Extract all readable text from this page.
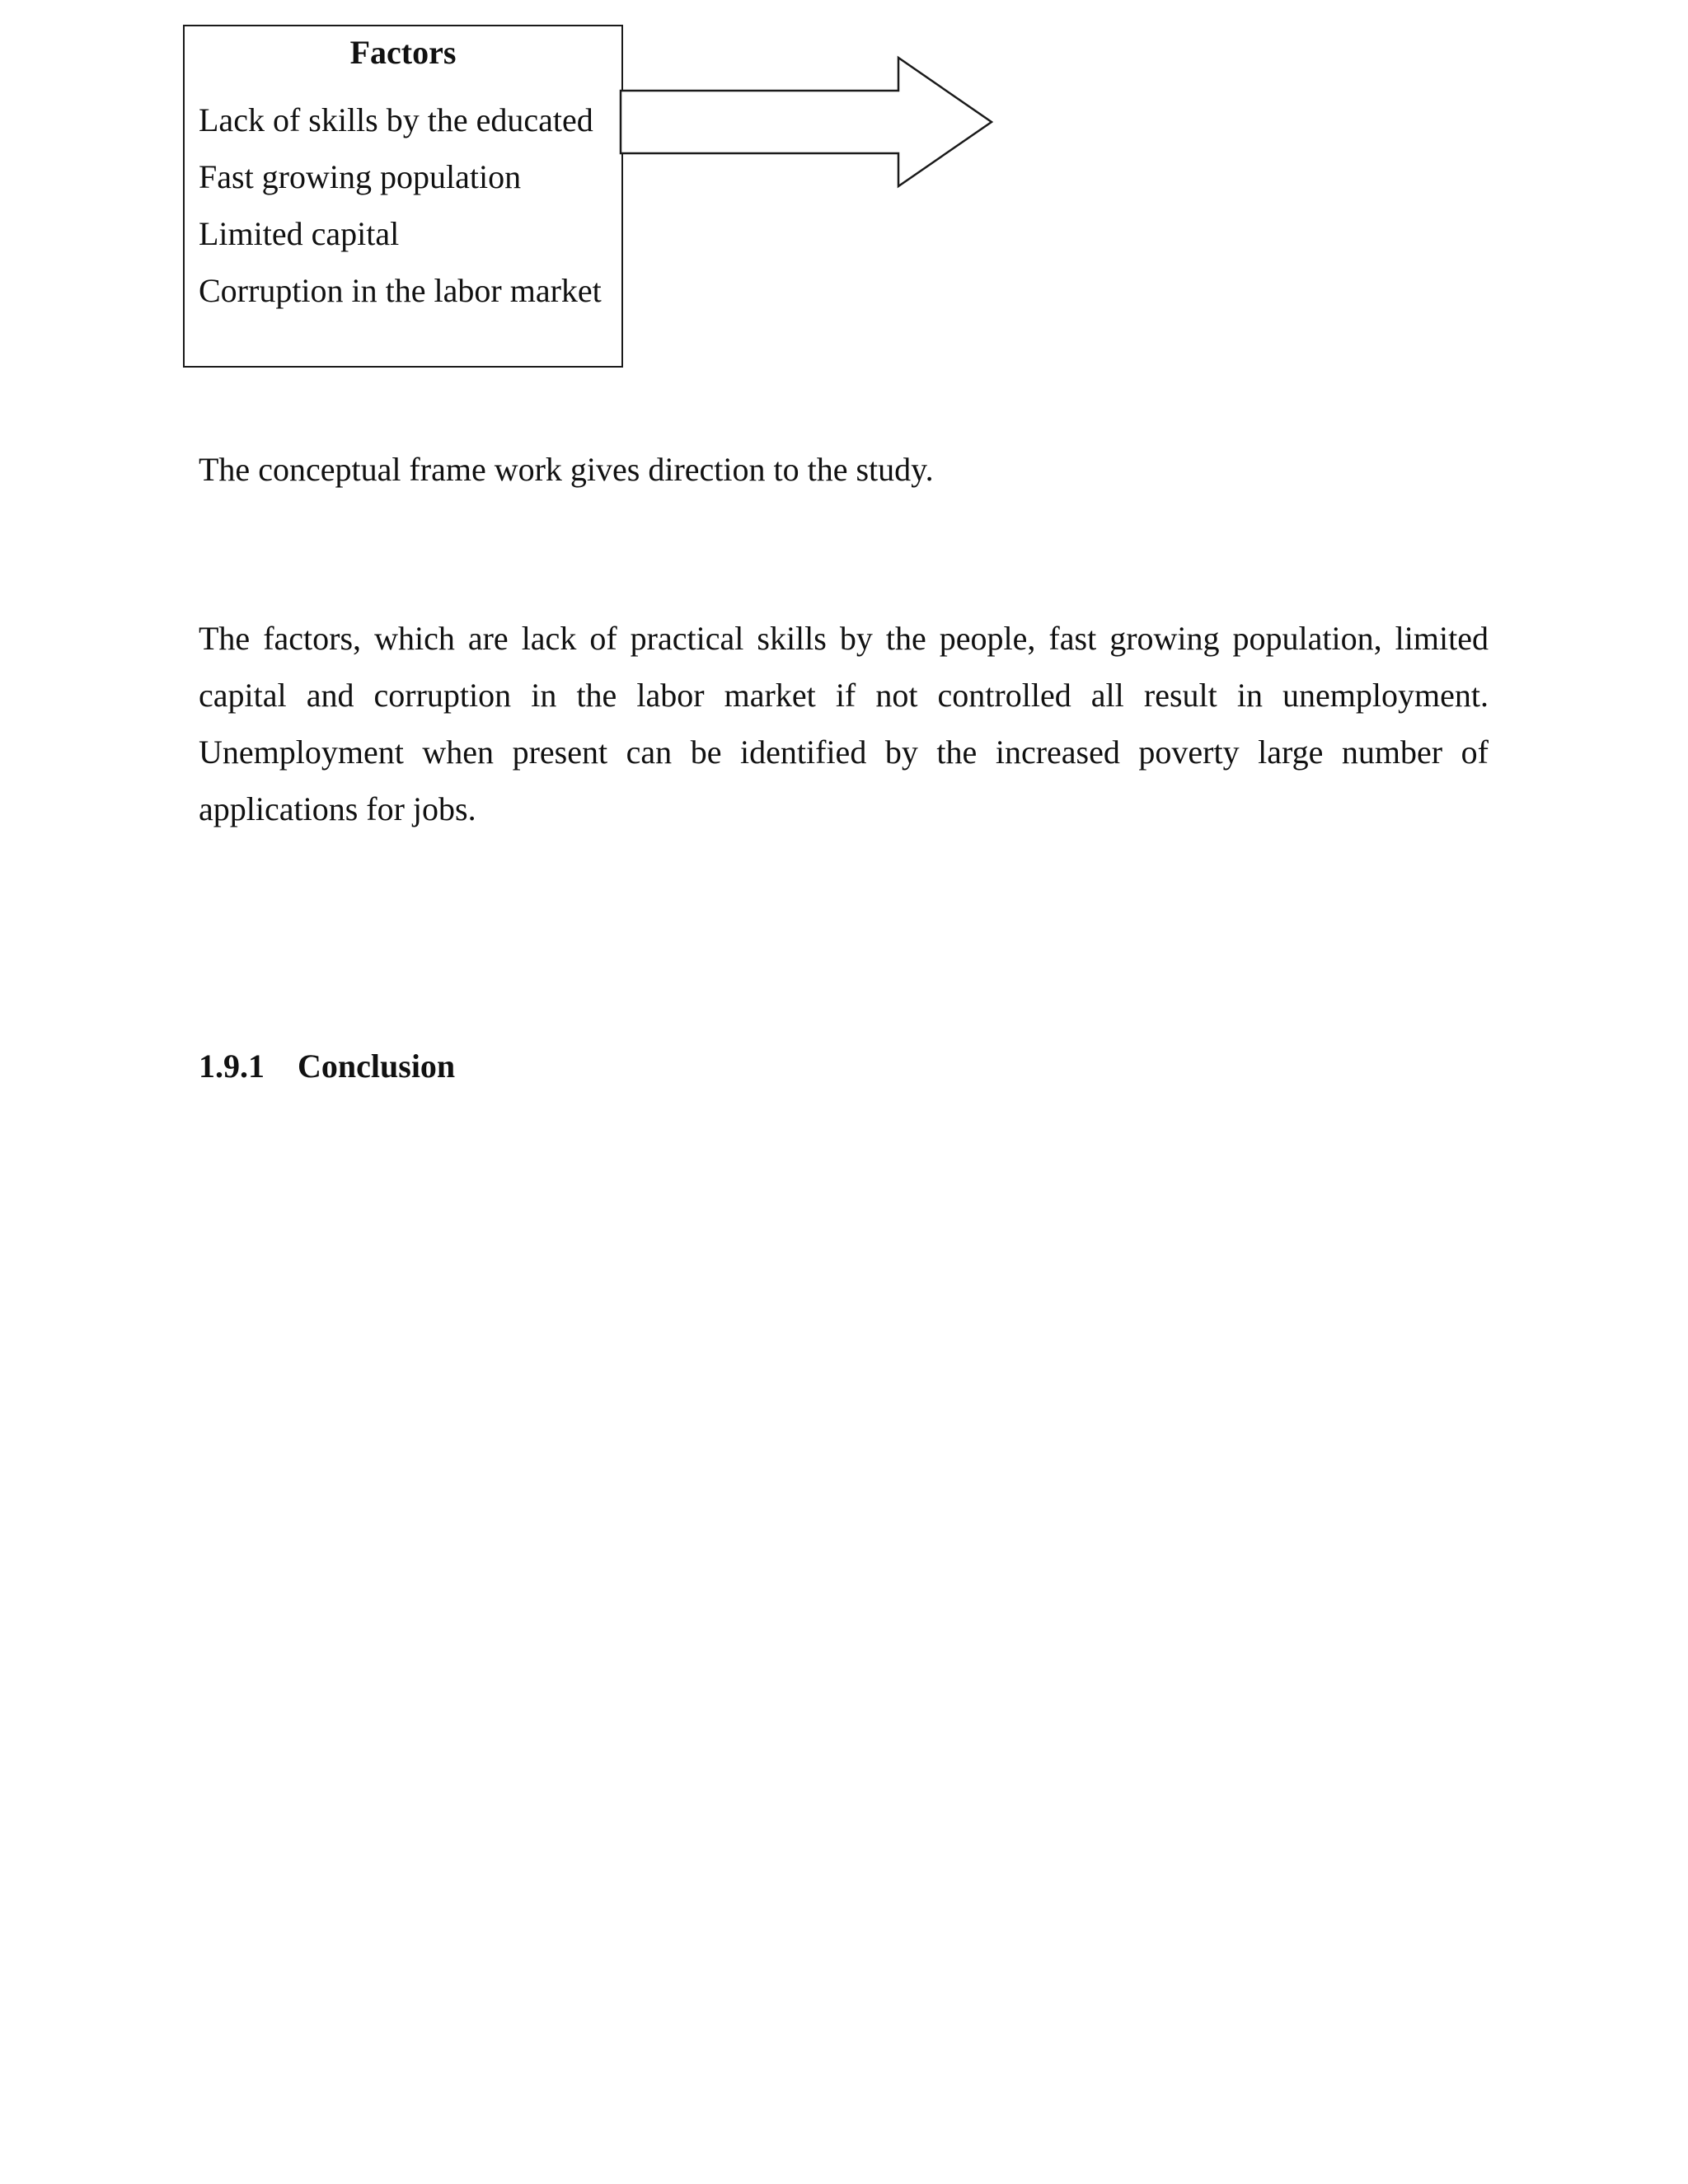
Factors
Lack of skills by the educated
Fast growing population
Limited capital
Corruption in the labor market
The conceptual frame work gives direction to the study.
The factors, which are lack of practical skills by the people, fast growing population, limited
capital and corruption in the labor market if not controlled all result in unemployment.
Unemployment when present can be identified by the increased poverty large number of
applications for jobs.
1.9.1 Conclusion
